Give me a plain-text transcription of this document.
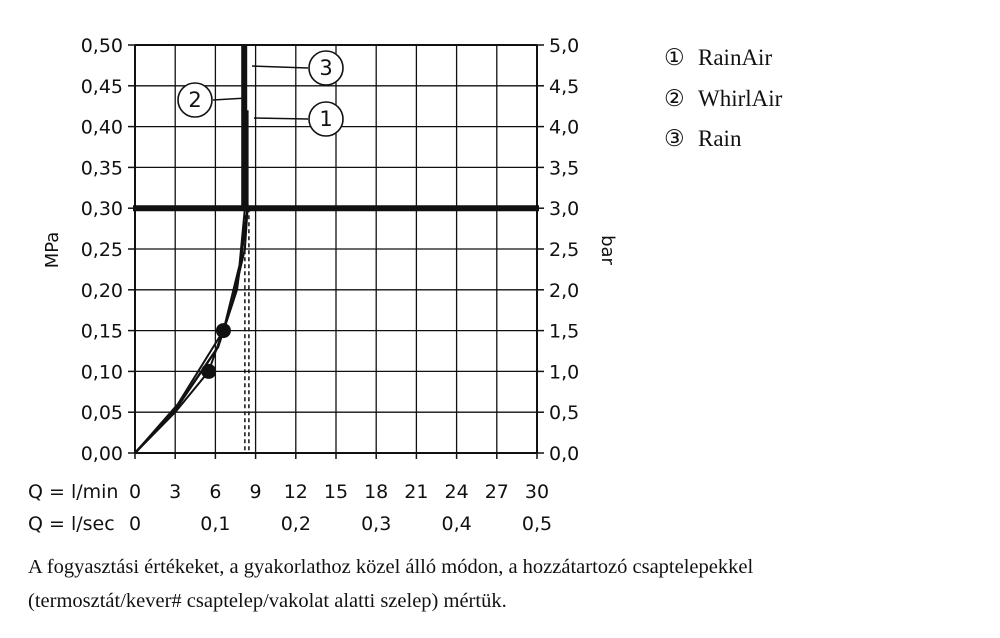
3
2
1
0,00
0,05
0,10
0,15
0,20
0,25
0,30
0,35
0,40
0,45
0,50
0,0
0,5
1,0
1,5
2,0
2,5
3,0
3,5
4,0
4,5
5,0
0 3 6 9 12 15 18 21 24 27 30
0	0,1	0,2	0,3	0,4	0,5
MPa	bar
Q = l/min
Q = l/sec
① RainAir
② WhirlAir
③ Rain
A fogyasztási értékeket, a gyakorlathoz közel álló módon, a hozzátartozó csaptelepekkel
(termosztát/kever# csaptelep/vakolat alatti szelep) mértük.
